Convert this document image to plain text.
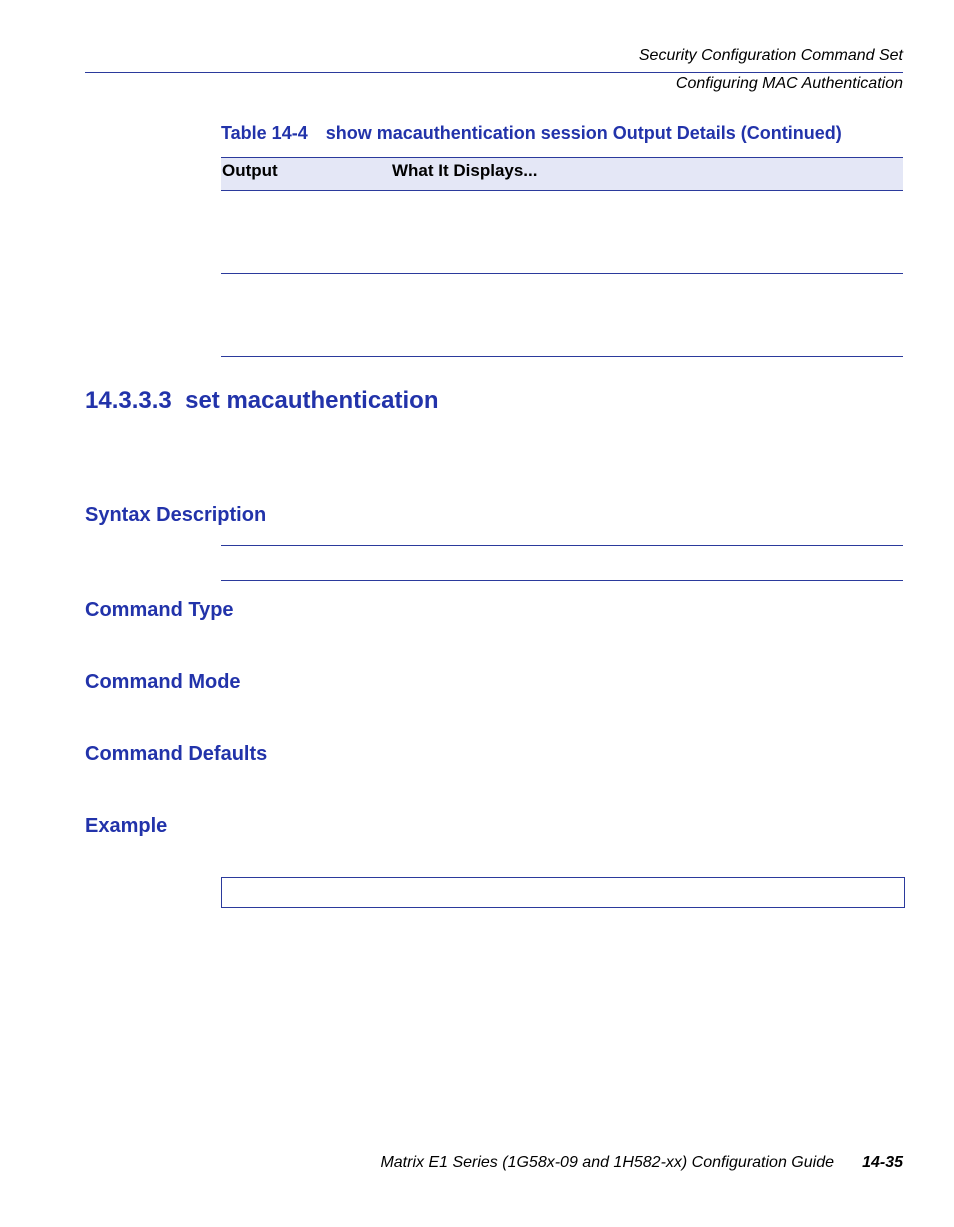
Security Configuration Command Set
Configuring MAC Authentication
Table 14-4 show macauthentication session Output Details (Continued)
Output	What It Displays...
14.3.3.3 set macauthentication
Syntax Description
Command Type
Command Mode
Command Defaults
Example
Matrix E1 Series (1G58x-09 and 1H582-xx) Configuration Guide 14-35
